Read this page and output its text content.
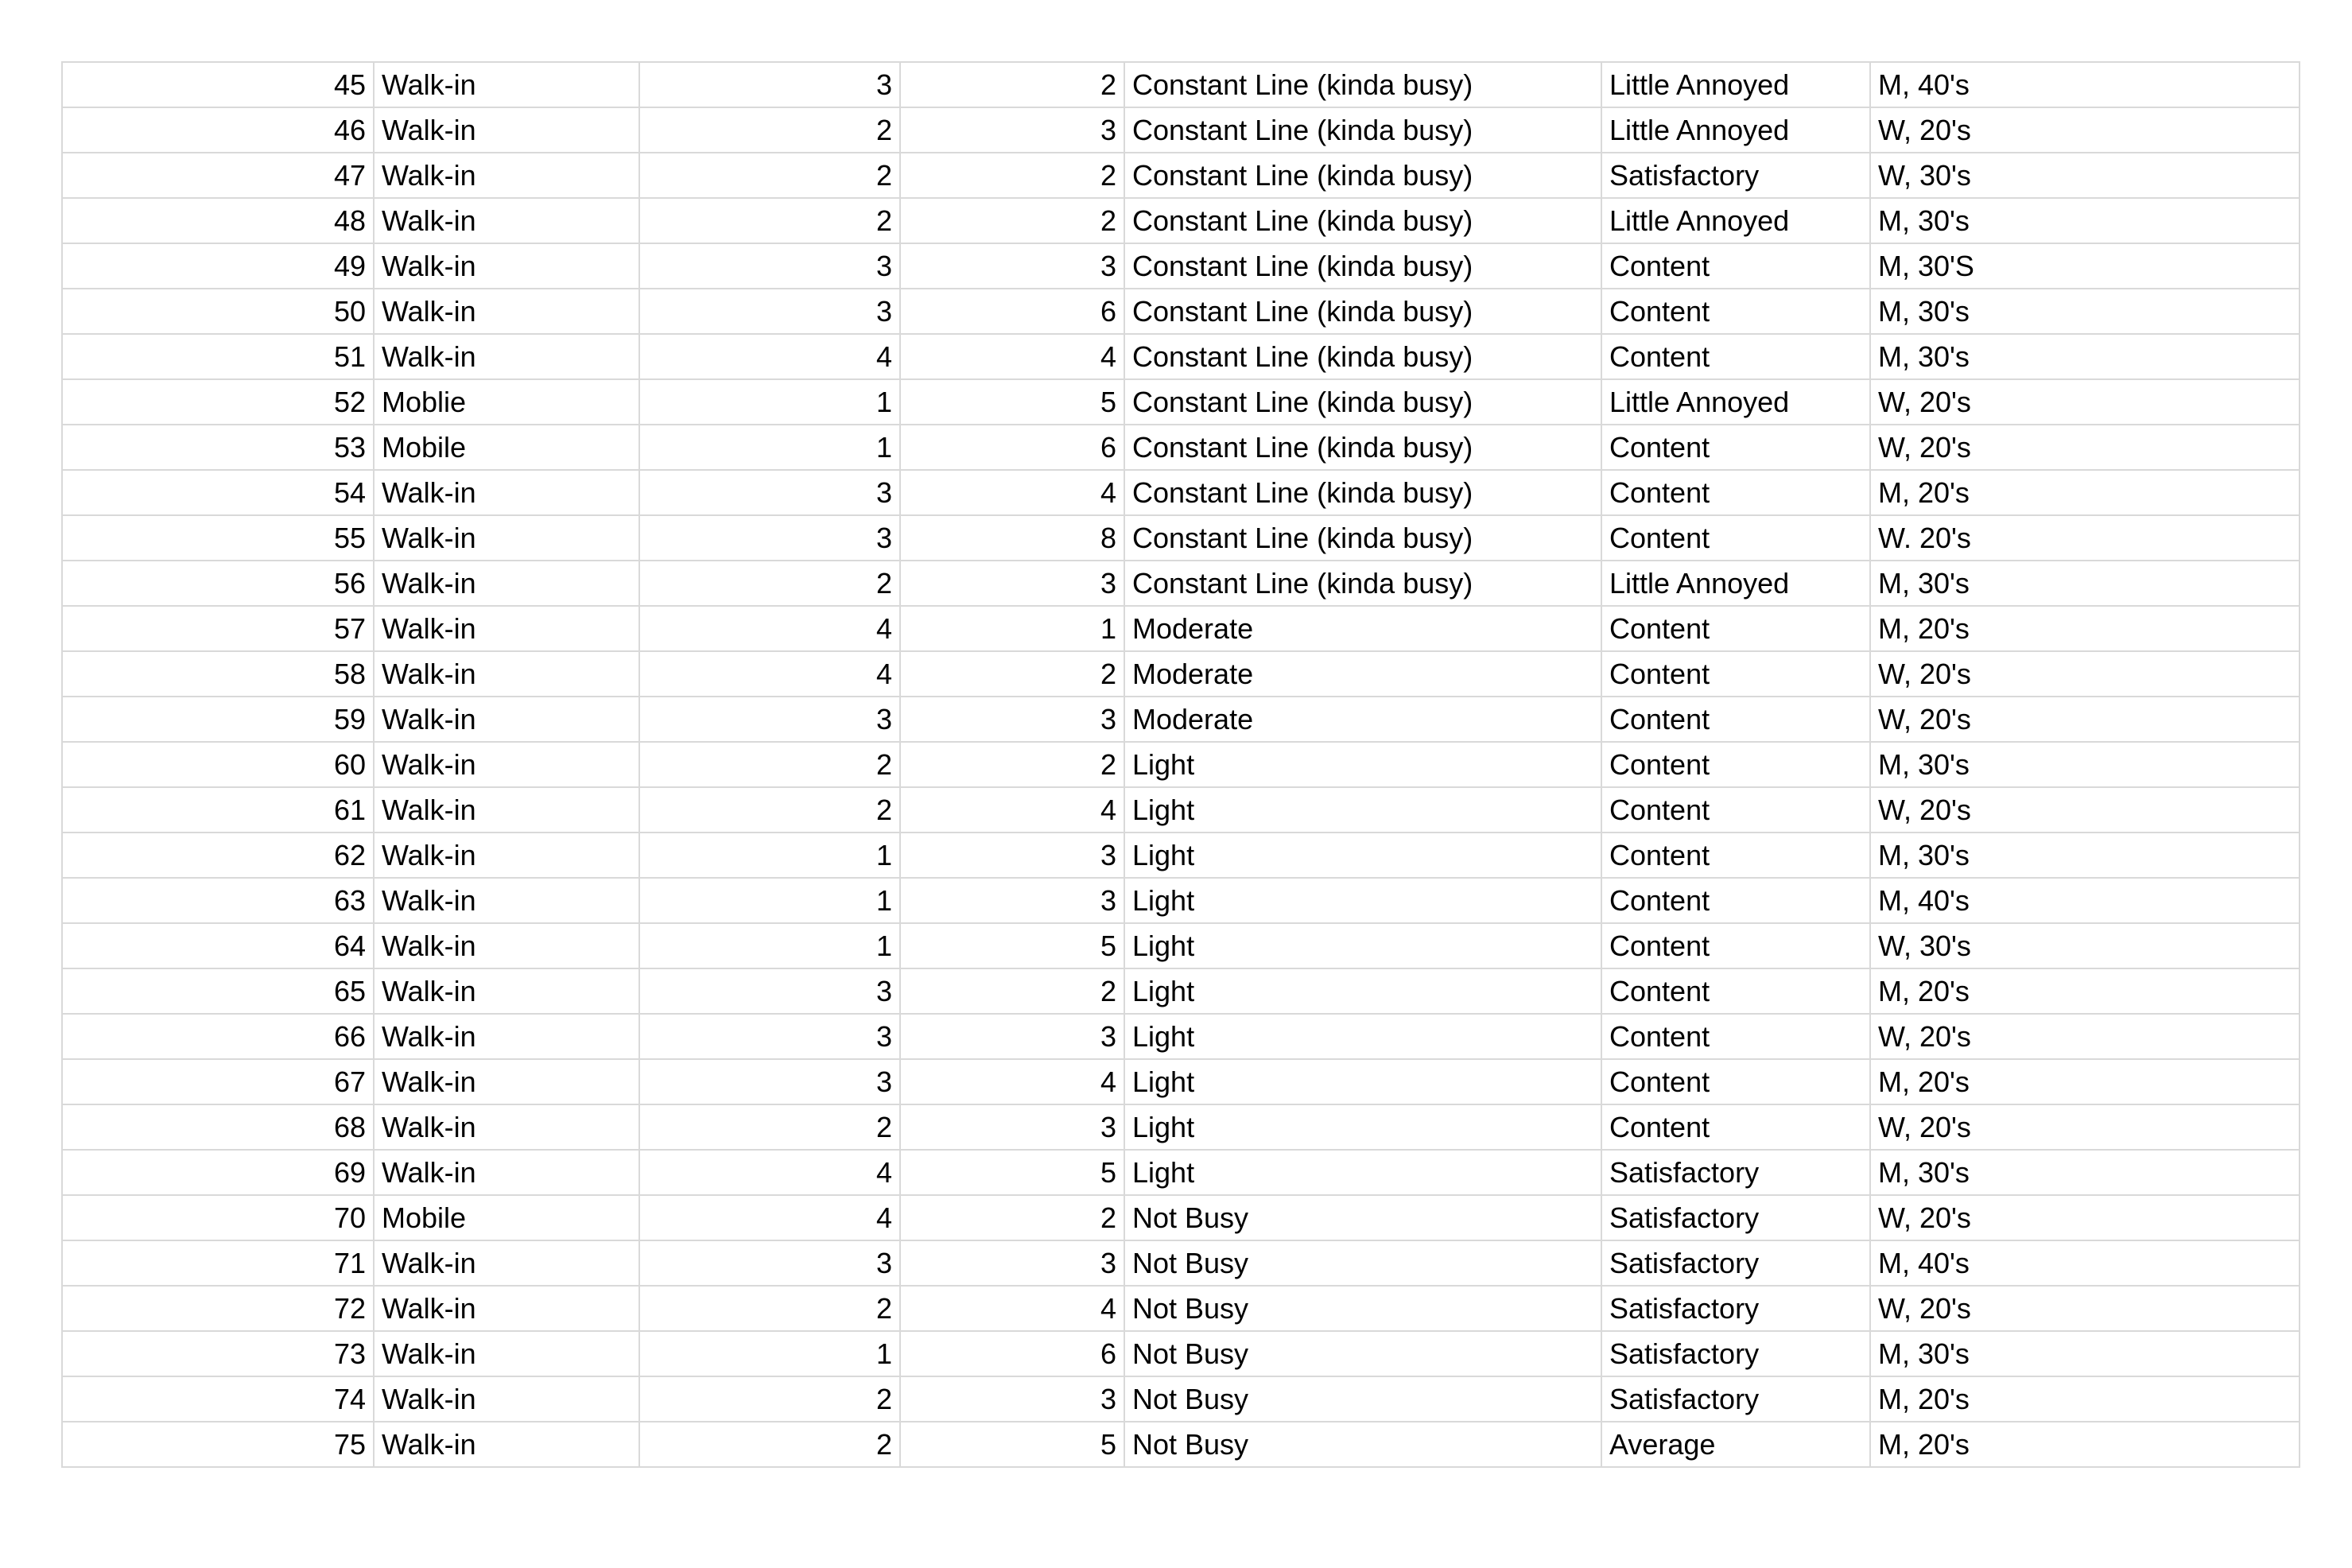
45	Walk-in	3	2	Constant Line (kinda busy)	Little Annoyed	M, 40's
46	Walk-in	2	3	Constant Line (kinda busy)	Little Annoyed	W, 20's
47	Walk-in	2	2	Constant Line (kinda busy)	Satisfactory	W, 30's
48	Walk-in	2	2	Constant Line (kinda busy)	Little Annoyed	M, 30's
49	Walk-in	3	3	Constant Line (kinda busy)	Content	M, 30'S
50	Walk-in	3	6	Constant Line (kinda busy)	Content	M, 30's
51	Walk-in	4	4	Constant Line (kinda busy)	Content	M, 30's
52	Moblie	1	5	Constant Line (kinda busy)	Little Annoyed	W, 20's
53	Mobile	1	6	Constant Line (kinda busy)	Content	W, 20's
54	Walk-in	3	4	Constant Line (kinda busy)	Content	M, 20's
55	Walk-in	3	8	Constant Line (kinda busy)	Content	W. 20's
56	Walk-in	2	3	Constant Line (kinda busy)	Little Annoyed	M, 30's
57	Walk-in	4	1	Moderate	Content	M, 20's
58	Walk-in	4	2	Moderate	Content	W, 20's
59	Walk-in	3	3	Moderate	Content	W, 20's
60	Walk-in	2	2	Light	Content	M, 30's
61	Walk-in	2	4	Light	Content	W, 20's
62	Walk-in	1	3	Light	Content	M, 30's
63	Walk-in	1	3	Light	Content	M, 40's
64	Walk-in	1	5	Light	Content	W, 30's
65	Walk-in	3	2	Light	Content	M, 20's
66	Walk-in	3	3	Light	Content	W, 20's
67	Walk-in	3	4	Light	Content	M, 20's
68	Walk-in	2	3	Light	Content	W, 20's
69	Walk-in	4	5	Light	Satisfactory	M, 30's
70	Mobile	4	2	Not Busy	Satisfactory	W, 20's
71	Walk-in	3	3	Not Busy	Satisfactory	M, 40's
72	Walk-in	2	4	Not Busy	Satisfactory	W, 20's
73	Walk-in	1	6	Not Busy	Satisfactory	M, 30's
74	Walk-in	2	3	Not Busy	Satisfactory	M, 20's
75	Walk-in	2	5	Not Busy	Average	M, 20's
